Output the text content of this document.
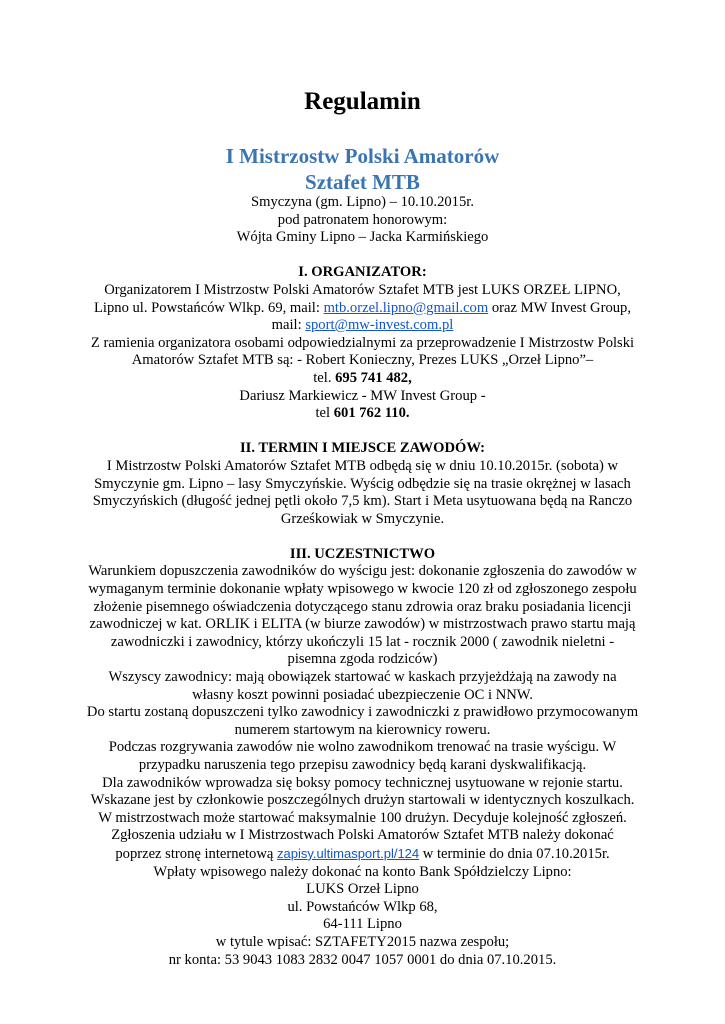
Regulamin
I Mistrzostw Polski Amatorów
Sztafet MTB
Smyczyna (gm. Lipno) – 10.10.2015r.
pod patronatem honorowym:
Wójta Gminy Lipno – Jacka Karmińskiego
I. ORGANIZATOR:
Organizatorem I Mistrzostw Polski Amatorów Sztafet MTB jest LUKS ORZEŁ LIPNO,
Lipno ul. Powstańców Wlkp. 69, mail: mtb.orzel.lipno@gmail.com oraz MW Invest Group,
mail: sport@mw-invest.com.pl
Z ramienia organizatora osobami odpowiedzialnymi za przeprowadzenie I Mistrzostw Polski
Amatorów Sztafet MTB są: - Robert Konieczny, Prezes LUKS „Orzeł Lipno”–
tel. 695 741 482,
Dariusz Markiewicz - MW Invest Group -
tel 601 762 110.
II. TERMIN I MIEJSCE ZAWODÓW:
I Mistrzostw Polski Amatorów Sztafet MTB odbędą się w dniu 10.10.2015r. (sobota) w
Smyczynie gm. Lipno – lasy Smyczyńskie. Wyścig odbędzie się na trasie okrężnej w lasach
Smyczyńskich (długość jednej pętli około 7,5 km). Start i Meta usytuowana będą na Ranczo
Grześkowiak w Smyczynie.
III. UCZESTNICTWO
Warunkiem dopuszczenia zawodników do wyścigu jest: dokonanie zgłoszenia do zawodów w
wymaganym terminie dokonanie wpłaty wpisowego w kwocie 120 zł od zgłoszonego zespołu
złożenie pisemnego oświadczenia dotyczącego stanu zdrowia oraz braku posiadania licencji
zawodniczej w kat. ORLIK i ELITA (w biurze zawodów) w mistrzostwach prawo startu mają
zawodniczki i zawodnicy, którzy ukończyli 15 lat - rocznik 2000 ( zawodnik nieletni -
pisemna zgoda rodziców)
Wszyscy zawodnicy: mają obowiązek startować w kaskach przyjeżdżają na zawody na
własny koszt powinni posiadać ubezpieczenie OC i NNW.
Do startu zostaną dopuszczeni tylko zawodnicy i zawodniczki z prawidłowo przymocowanym
numerem startowym na kierownicy roweru.
Podczas rozgrywania zawodów nie wolno zawodnikom trenować na trasie wyścigu. W
przypadku naruszenia tego przepisu zawodnicy będą karani dyskwalifikacją.
Dla zawodników wprowadza się boksy pomocy technicznej usytuowane w rejonie startu.
Wskazane jest by członkowie poszczególnych drużyn startowali w identycznych koszulkach.
W mistrzostwach może startować maksymalnie 100 drużyn. Decyduje kolejność zgłoszeń.
Zgłoszenia udziału w I Mistrzostwach Polski Amatorów Sztafet MTB należy dokonać
poprzez stronę internetową zapisy.ultimasport.pl/124 w terminie do dnia 07.10.2015r.
Wpłaty wpisowego należy dokonać na konto Bank Spółdzielczy Lipno:
LUKS Orzeł Lipno
ul. Powstańców Wlkp 68,
64-111 Lipno
w tytule wpisać: SZTAFETY2015 nazwa zespołu;
nr konta: 53 9043 1083 2832 0047 1057 0001 do dnia 07.10.2015.
